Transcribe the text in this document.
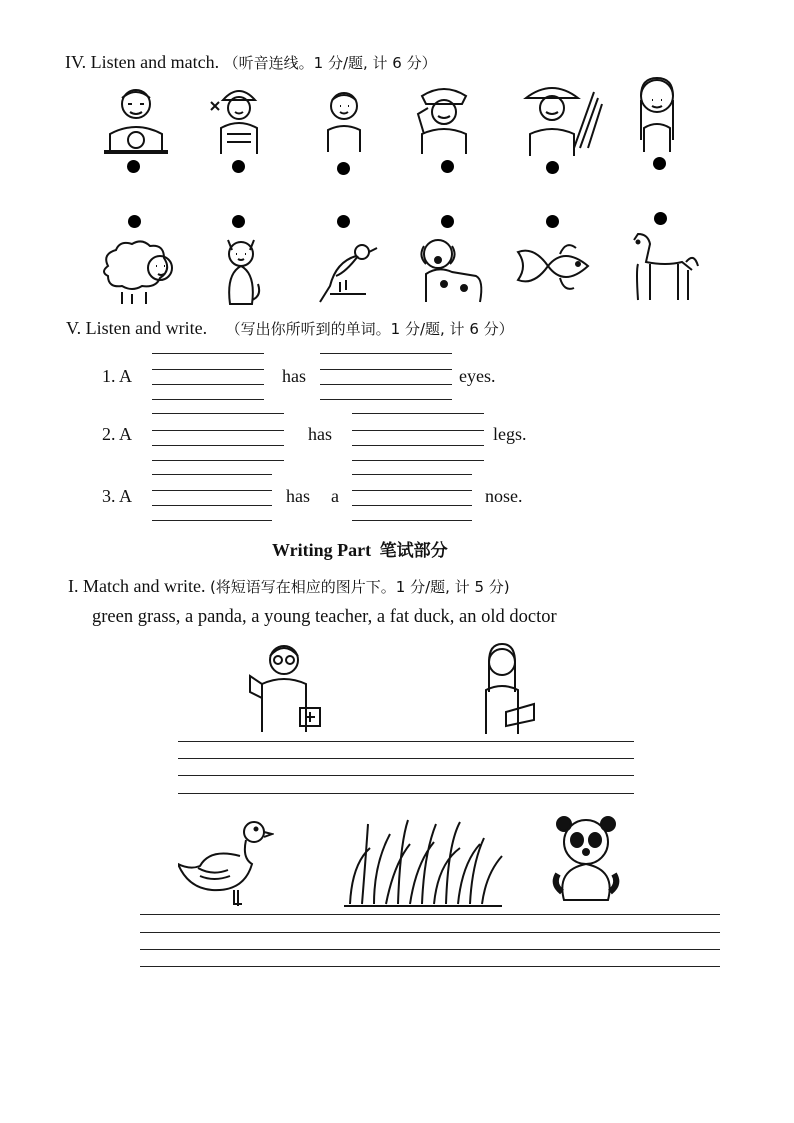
IV. Listen and match. （听音连线。1 分/题, 计 6 分）
V. Listen and write. （写出你所听到的单词。1 分/题, 计 6 分）
1. A	has	eyes.
2. A	has	legs.
3. A	has a	nose.
Writing Part 笔试部分
I. Match and write. (将短语写在相应的图片下。1 分/题, 计 5 分)
green grass, a panda, a young teacher, a fat duck, an old doctor
